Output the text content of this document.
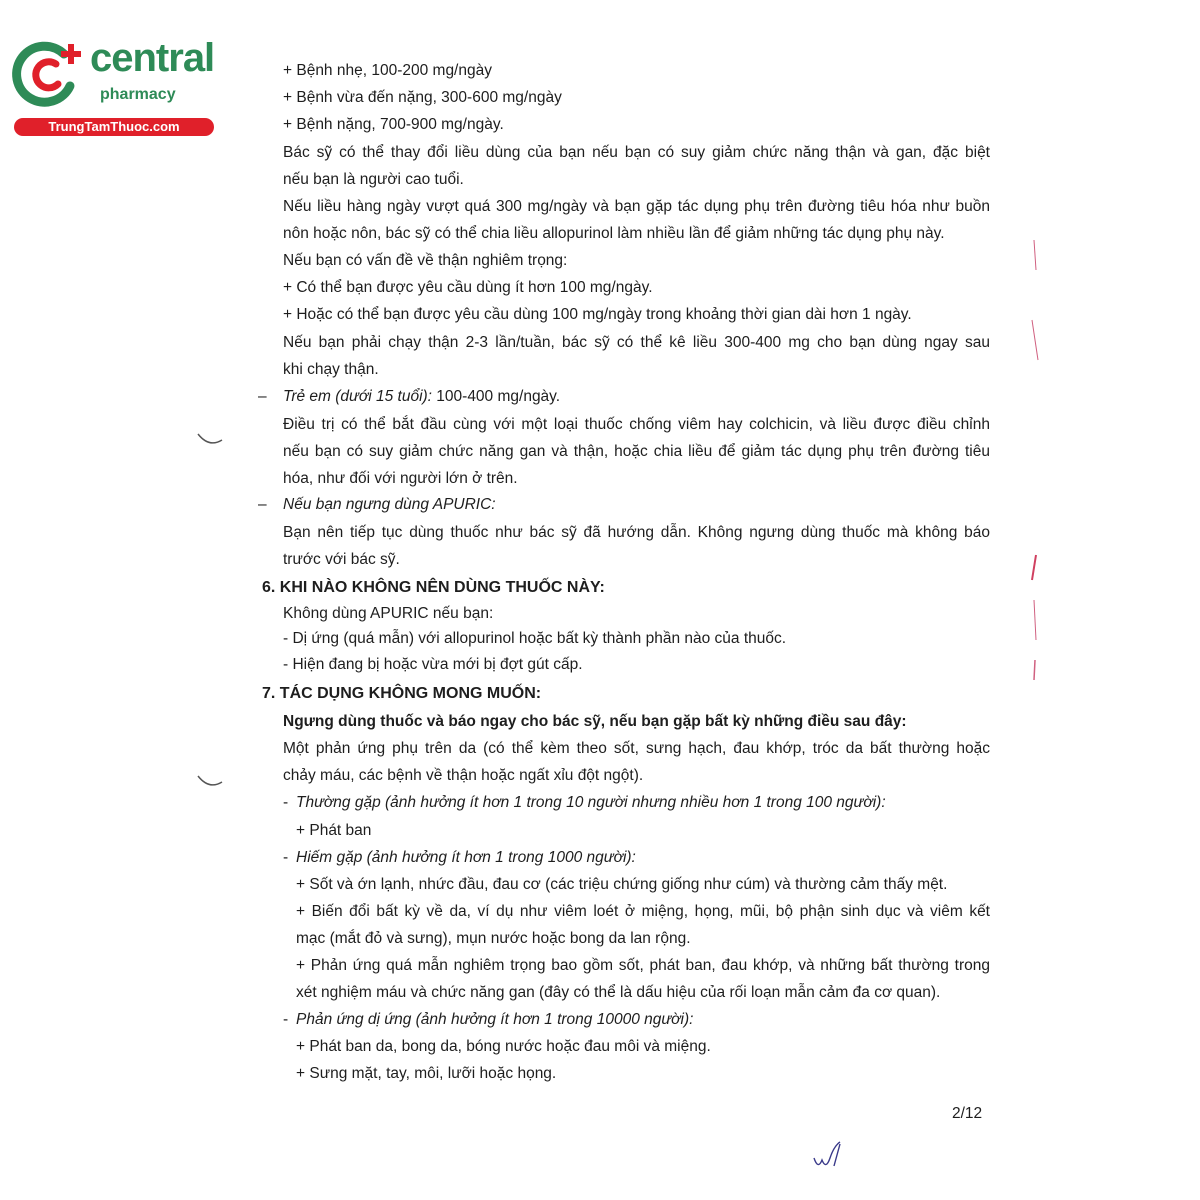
central
pharmacy
TrungTamThuoc.com
+ Bệnh nhẹ, 100-200 mg/ngày
+ Bệnh vừa đến nặng, 300-600 mg/ngày
+ Bệnh nặng, 700-900 mg/ngày.
Bác sỹ có thể thay đổi liều dùng của bạn nếu bạn có suy giảm chức năng thận và gan, đặc biệt
nếu bạn là người cao tuổi.
Nếu liều hàng ngày vượt quá 300 mg/ngày và bạn gặp tác dụng phụ trên đường tiêu hóa như buồn
nôn hoặc nôn, bác sỹ có thể chia liều allopurinol làm nhiều lần để giảm những tác dụng phụ này.
Nếu bạn có vấn đề về thận nghiêm trọng:
+ Có thể bạn được yêu cầu dùng ít hơn 100 mg/ngày.
+ Hoặc có thể bạn được yêu cầu dùng 100 mg/ngày trong khoảng thời gian dài hơn 1 ngày.
Nếu bạn phải chạy thận 2-3 lần/tuần, bác sỹ có thể kê liều 300-400 mg cho bạn dùng ngay sau
khi chạy thận.
– Trẻ em (dưới 15 tuổi): 100-400 mg/ngày.
Điều trị có thể bắt đầu cùng với một loại thuốc chống viêm hay colchicin, và liều được điều chỉnh
nếu bạn có suy giảm chức năng gan và thận, hoặc chia liều để giảm tác dụng phụ trên đường tiêu
hóa, như đối với người lớn ở trên.
– Nếu bạn ngưng dùng APURIC:
Bạn nên tiếp tục dùng thuốc như bác sỹ đã hướng dẫn. Không ngưng dùng thuốc mà không báo
trước với bác sỹ.
6. KHI NÀO KHÔNG NÊN DÙNG THUỐC NÀY:
Không dùng APURIC nếu bạn:
- Dị ứng (quá mẫn) với allopurinol hoặc bất kỳ thành phần nào của thuốc.
- Hiện đang bị hoặc vừa mới bị đợt gút cấp.
7. TÁC DỤNG KHÔNG MONG MUỐN:
Ngưng dùng thuốc và báo ngay cho bác sỹ, nếu bạn gặp bất kỳ những điều sau đây:
Một phản ứng phụ trên da (có thể kèm theo sốt, sưng hạch, đau khớp, tróc da bất thường hoặc
chảy máu, các bệnh về thận hoặc ngất xỉu đột ngột).
- Thường gặp (ảnh hưởng ít hơn 1 trong 10 người nhưng nhiều hơn 1 trong 100 người):
+ Phát ban
- Hiếm gặp (ảnh hưởng ít hơn 1 trong 1000 người):
+ Sốt và ớn lạnh, nhức đầu, đau cơ (các triệu chứng giống như cúm) và thường cảm thấy mệt.
+ Biến đổi bất kỳ về da, ví dụ như viêm loét ở miệng, họng, mũi, bộ phận sinh dục và viêm kết
mạc (mắt đỏ và sưng), mụn nước hoặc bong da lan rộng.
+ Phản ứng quá mẫn nghiêm trọng bao gồm sốt, phát ban, đau khớp, và những bất thường trong
xét nghiệm máu và chức năng gan (đây có thể là dấu hiệu của rối loạn mẫn cảm đa cơ quan).
- Phản ứng dị ứng (ảnh hưởng ít hơn 1 trong 10000 người):
+ Phát ban da, bong da, bóng nước hoặc đau môi và miệng.
+ Sưng mặt, tay, môi, lưỡi hoặc họng.
2/12
